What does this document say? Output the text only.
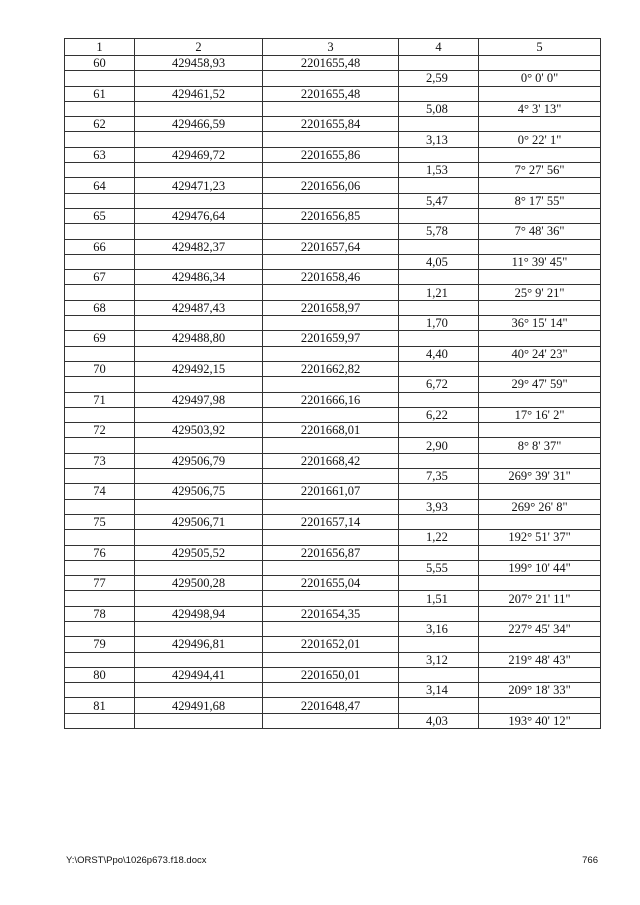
1	2	3	4	5
60	429458,93	2201655,48		
			2,59	0° 0' 0"
61	429461,52	2201655,48		
			5,08	4° 3' 13"
62	429466,59	2201655,84		
			3,13	0° 22' 1"
63	429469,72	2201655,86		
			1,53	7° 27' 56"
64	429471,23	2201656,06		
			5,47	8° 17' 55"
65	429476,64	2201656,85		
			5,78	7° 48' 36"
66	429482,37	2201657,64		
			4,05	11° 39' 45"
67	429486,34	2201658,46		
			1,21	25° 9' 21"
68	429487,43	2201658,97		
			1,70	36° 15' 14"
69	429488,80	2201659,97		
			4,40	40° 24' 23"
70	429492,15	2201662,82		
			6,72	29° 47' 59"
71	429497,98	2201666,16		
			6,22	17° 16' 2"
72	429503,92	2201668,01		
			2,90	8° 8' 37"
73	429506,79	2201668,42		
			7,35	269° 39' 31"
74	429506,75	2201661,07		
			3,93	269° 26' 8"
75	429506,71	2201657,14		
			1,22	192° 51' 37"
76	429505,52	2201656,87		
			5,55	199° 10' 44"
77	429500,28	2201655,04		
			1,51	207° 21' 11"
78	429498,94	2201654,35		
			3,16	227° 45' 34"
79	429496,81	2201652,01		
			3,12	219° 48' 43"
80	429494,41	2201650,01		
			3,14	209° 18' 33"
81	429491,68	2201648,47		
			4,03	193° 40' 12"
Y:\ORST\Ppo\1026p673.f18.docx	766
